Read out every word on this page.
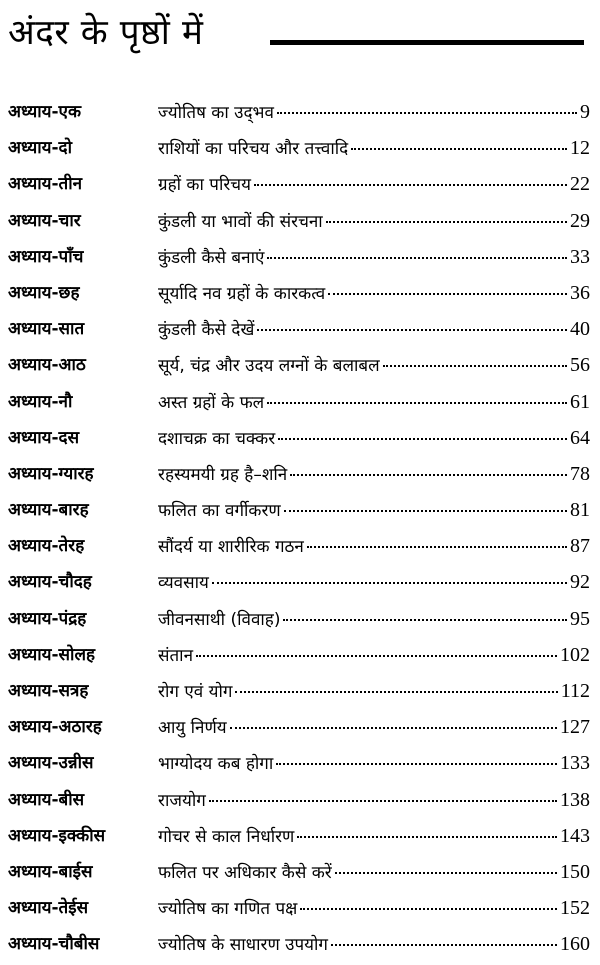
अंदर के पृष्ठों में
अध्याय-एक	ज्योतिष का उद्‌भव	9
अध्याय-दो	राशियों का परिचय और तत्त्वादि	12
अध्याय-तीन	ग्रहों का परिचय	22
अध्याय-चार	कुंडली या भावों की संरचना	29
अध्याय-पाँच	कुंडली कैसे बनाएं	33
अध्याय-छह	सूर्यादि नव ग्रहों के कारकत्व	36
अध्याय-सात	कुंडली कैसे देखें	40
अध्याय-आठ	सूर्य, चंद्र और उदय लग्नों के बलाबल	56
अध्याय-नौ	अस्त ग्रहों के फल	61
अध्याय-दस	दशाचक्र का चक्कर	64
अध्याय-ग्यारह	रहस्यमयी ग्रह है–शनि	78
अध्याय-बारह	फलित का वर्गीकरण	81
अध्याय-तेरह	सौंदर्य या शारीरिक गठन	87
अध्याय-चौदह	व्यवसाय	92
अध्याय-पंद्रह	जीवनसाथी (विवाह)	95
अध्याय-सोलह	संतान	102
अध्याय-सत्रह	रोग एवं योग	112
अध्याय-अठारह	आयु निर्णय	127
अध्याय-उन्नीस	भाग्योदय कब होगा	133
अध्याय-बीस	राजयोग	138
अध्याय-इक्कीस	गोचर से काल निर्धारण	143
अध्याय-बाईस	फलित पर अधिकार कैसे करें	150
अध्याय-तेईस	ज्योतिष का गणित पक्ष	152
अध्याय-चौबीस	ज्योतिष के साधारण उपयोग	160
